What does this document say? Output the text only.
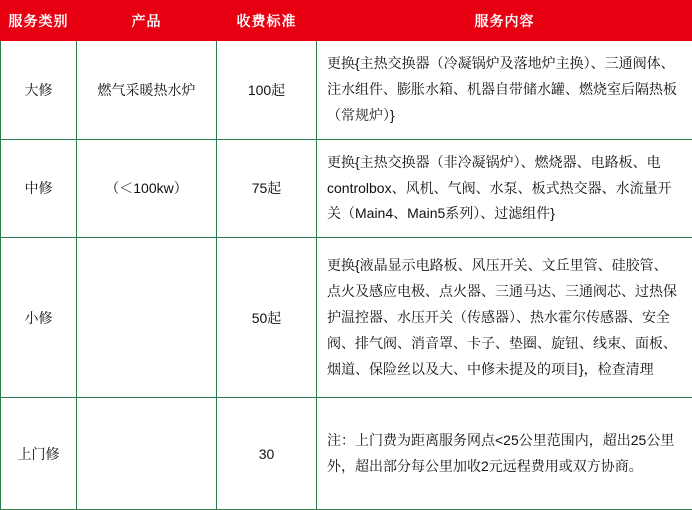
服务类别	产品	收费标准	服务内容
大修	燃气采暖热水炉	100起	更换{主热交换器（冷凝锅炉及落地炉主换）、三通阀体、注水组件、膨胀水箱、机器自带储水罐、燃烧室后隔热板（常规炉）}
中修	（＜100kw）	75起	更换{主热交换器（非冷凝锅炉）、燃烧器、电路板、电controlbox、风机、气阀、水泵、板式热交器、水流量开关（Main4、Main5系列）、过滤组件}
小修		50起	更换{液晶显示电路板、风压开关、文丘里管、硅胶管、点火及感应电极、点火器、三通马达、三通阀芯、过热保护温控器、水压开关（传感器）、热水霍尔传感器、安全阀、排气阀、消音罩、卡子、垫圈、旋钮、线束、面板、烟道、保险丝以及大、中修未提及的项目}，检查清理
上门修		30	注：上门费为距离服务网点<25公里范围内，超出25公里外，超出部分每公里加收2元远程费用或双方协商。
